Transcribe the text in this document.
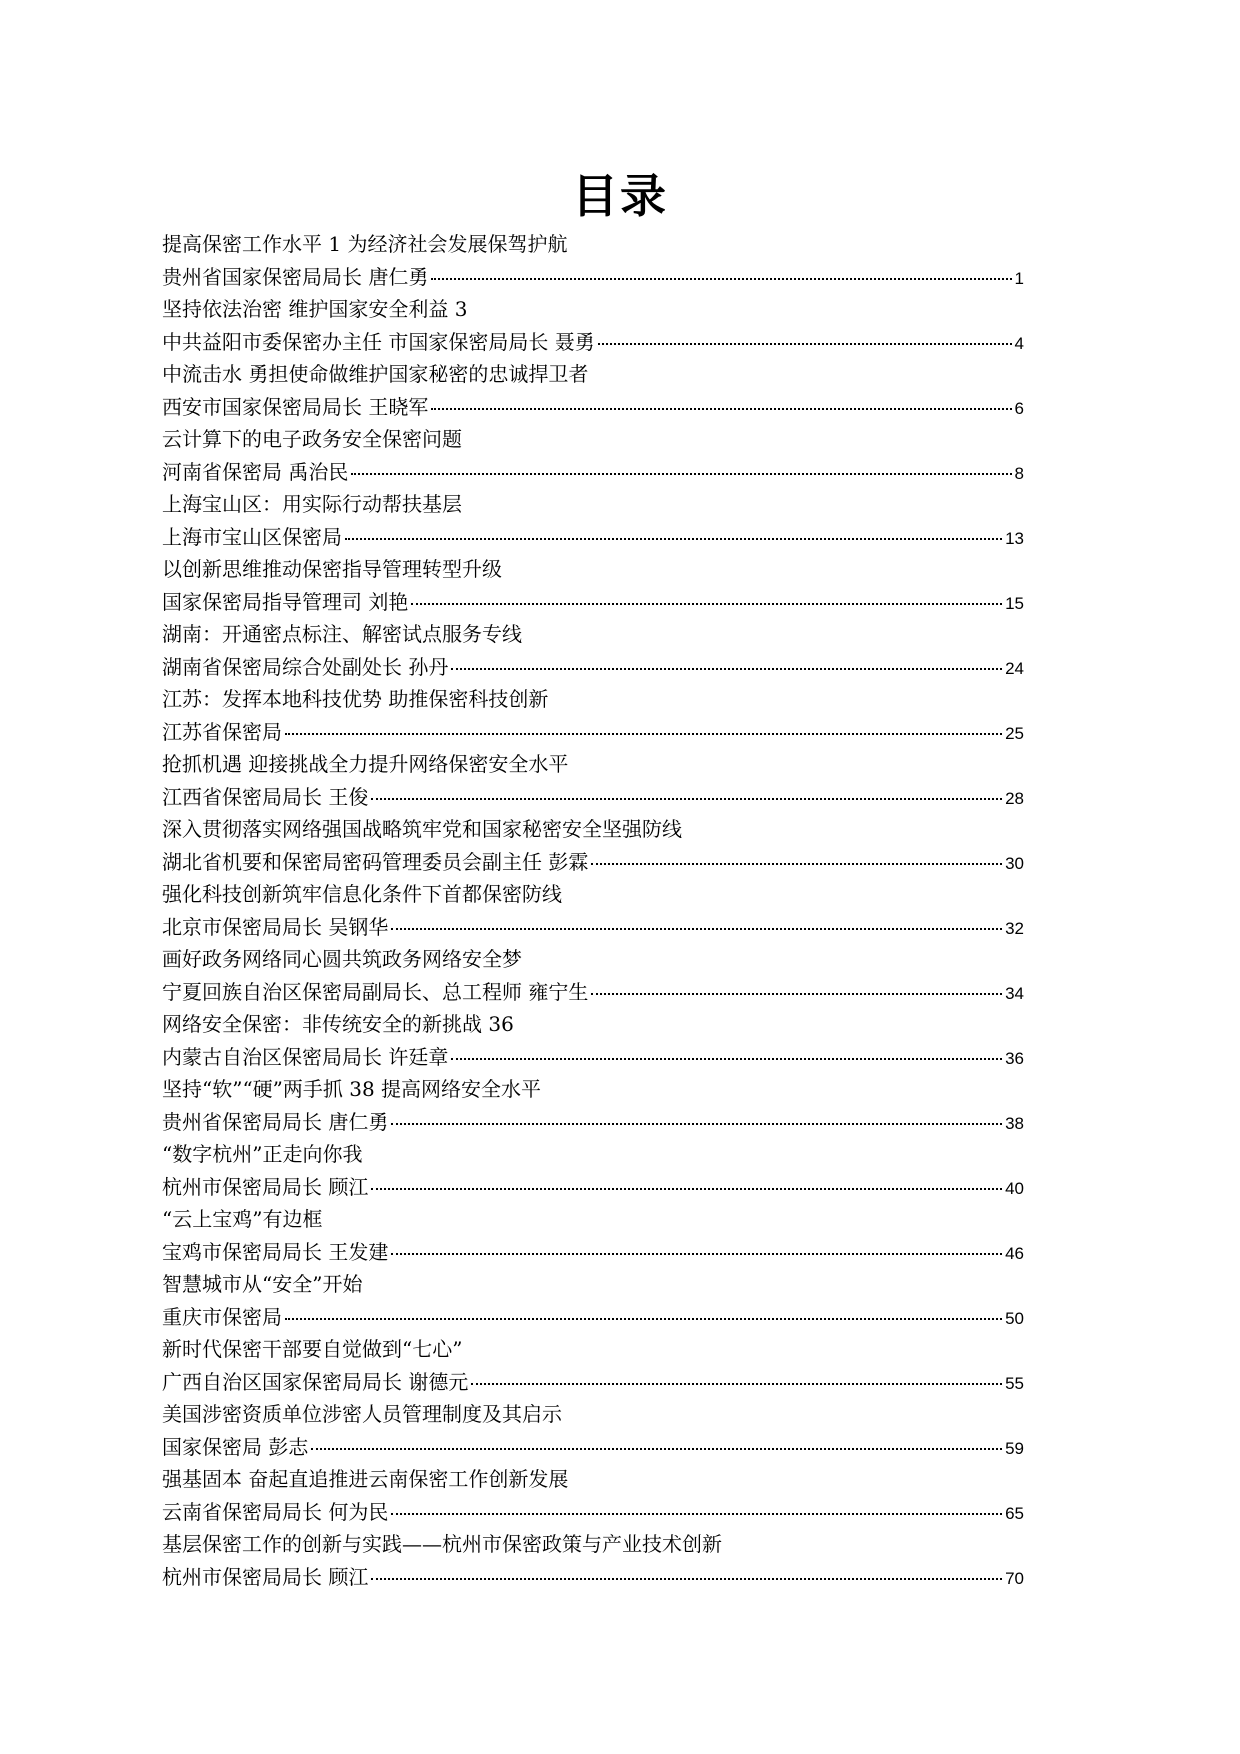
目录
提高保密工作水平 1 为经济社会发展保驾护航
贵州省国家保密局局长 唐仁勇	1
坚持依法治密 维护国家安全利益 3
中共益阳市委保密办主任 市国家保密局局长 聂勇	4
中流击水 勇担使命做维护国家秘密的忠诚捍卫者
西安市国家保密局局长 王晓军	6
云计算下的电子政务安全保密问题
河南省保密局 禹治民	8
上海宝山区：用实际行动帮扶基层
上海市宝山区保密局	13
以创新思维推动保密指导管理转型升级
国家保密局指导管理司 刘艳	15
湖南：开通密点标注、解密试点服务专线
湖南省保密局综合处副处长 孙丹	24
江苏：发挥本地科技优势 助推保密科技创新
江苏省保密局	25
抢抓机遇 迎接挑战全力提升网络保密安全水平
江西省保密局局长 王俊	28
深入贯彻落实网络强国战略筑牢党和国家秘密安全坚强防线
湖北省机要和保密局密码管理委员会副主任 彭霖	30
强化科技创新筑牢信息化条件下首都保密防线
北京市保密局局长 吴钢华	32
画好政务网络同心圆共筑政务网络安全梦
宁夏回族自治区保密局副局长、总工程师 雍宁生	34
网络安全保密：非传统安全的新挑战 36
内蒙古自治区保密局局长 许廷章	36
坚持“软”“硬”两手抓 38 提高网络安全水平
贵州省保密局局长 唐仁勇	38
“数字杭州”正走向你我
杭州市保密局局长 顾江	40
“云上宝鸡”有边框
宝鸡市保密局局长 王发建	46
智慧城市从“安全”开始
重庆市保密局	50
新时代保密干部要自觉做到“七心”
广西自治区国家保密局局长 谢德元	55
美国涉密资质单位涉密人员管理制度及其启示
国家保密局 彭志	59
强基固本 奋起直追推进云南保密工作创新发展
云南省保密局局长 何为民	65
基层保密工作的创新与实践——杭州市保密政策与产业技术创新
杭州市保密局局长 顾江	70
